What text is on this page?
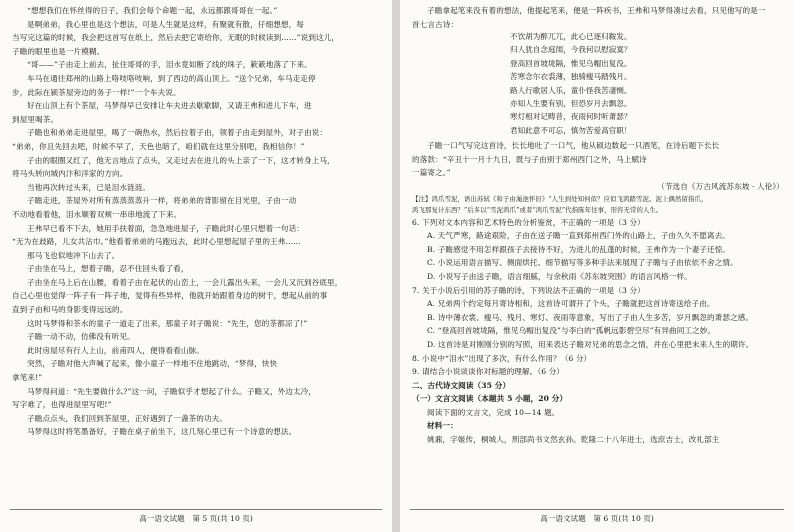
“想想我们在怀丝得的日子，我们会每个命题一起，永远都跟哥哥在一起。”

是啊弟弟，我心里也是这个想法，可是人生就是这样，有聚就有散，仔细想想，每

当写完这篇的时候，我会把这首写在纸上，然后去把它寄给你，无眠的时候读到……”说到这儿，

子瞻的眼里也是一片模糊。

“哥——”子由走上前去，扯住哥哥的手，泪水竟如断了线的珠子，簌簌地落了下来。

车马在通往郑州的山路上咯吱咯吱响，到了西边的高山顶上。“送个兄弟，车马走走停

步，此际在颍茶屋旁边的务子一样!”一个车夫说。

好在山顶上有个茶屋，马梦得早已安排让车夫进去歇歇脚，又请王弗和进儿下车，进

到屋里喝茶。

子瞻也和弟弟走进屋里，喝了一碗热水，然后拉着子由，领着子由走到屋外，对子由说：

“弟弟，你且先回去吧，时候不早了，天色也暗了，咱们就在这里分别吧，我相信你！”

子由的眼圈又红了，他无言地点了点头，又走过去在进儿的头上亲了一下，这才转身上马，

将马头转向城内汴和洋家的方向。

当他再次转过头来，已是泪水涟涟。

子瞻走进，茶屋外对所有蒸蒸蒸蒸升一样，将弟弟的背影留在目光里，子由一动

不动地看着他，泪水顺着双颊一串串地流了下来。

王弗早已看不下去，她用手扶着面，急急地进屋子，子瞻此时心里只想着一句话：

“无为在歧路，儿女共沾巾。”他看着弟弟的马跑远去，此时心里想起屋子里的王弗……

那马飞也似地冲下山去了。

子由坐在马上，想着子瞻，忍不住回头看了看，

子由坐在马上后在山腰，看着子由在起伏的山峦上，一会儿露出头来，一会儿又沉到谷底里，

自己心里也觉得一阵子有一阵子地，觉得有些异样，他就开始跟着身边的树干，想起从前的事

直到子由和马的身影变得远远的。

这时马梦得和茶水的童子一道走了出来，那童子对子瞻说：“先生，您的茶都凉了!”

子瞻一动不动，仿佛没有听见。

此时房屋尽有行人上山，前甫四人，便得看看山脉。

突然，子瞻对他大声喊了起来，像小童子一样地不住地跳动，“梦得，快快

拿笔来!”

马梦得问道：“先生要做什么?”这一问，子瞻似乎才想起了什么。子瞻又，外边太冷，

写字难了，也得进屋里写吧!”

子瞻点点头，我们回到茶屋里，正好遇到了一盏茶的功夫。

马梦得这时将笔墨备好，子瞻在桌子前坐下，这几刻心里已有一个诗意的想法。

高一语文试题　第 5 页(共 10 页)

子瞻拿起笔来没有着的想法，他提起笔来，便是一阵疾书，王弗和马梦得凑过去看，只见他写的是一

首七言古诗：

子瞻一口气写完这首诗，长长地吐了一口气，他从硕边数起一只酒笔，在诗后题下长长

的落款：“辛丑十一月十九日，既与子由别于郑州西门之外，马上赋诗

一篇寄之。”

（节选自《万古风流苏东坡 · 人伦》）

【注】鸿爪雪泥，语出苏轼《和子由渑池怀旧》“人生到处知何似？应似飞鸿踏雪泥。泥上偶然留指爪，

鸿飞那复计东西？”后多以“雪泥鸿爪”或者“鸿爪雪泥”代指陈年往事，形容无常的人生。

6. 下列对文本内容和艺术特色的分析鉴赏，不正确的一项是（3 分）

A. 天气严寒，路途艰险，子由在送子瞻一直到郑州西门外的山路上，子由久久不愿离去。

B. 子瞻感觉不用怎样跟孩子去接待不好，为进儿的乱蓬的时候，王弗作为一个妻子还惊。

C. 小说运用语言描写、侧面烘托、细节描写等多种手法来展现了子瞻与子由依依不舍之情。

D. 小说写子由送子瞻，语言细腻，与余秋雨《苏东坡突围》的语言风格一样。

7. 关于小说后引用的苏子瞻的诗，下列说法不正确的一项是（3 分）

A. 兄弟两个约定每月寄诗相和，这首诗可谓开了个头，子瞻就把这首诗寄送给子由。

B. 诗中薄衣裳、瘦马、残月、寒灯、夜雨等意象，写出了子由人生多苦，岁月飘忽的萧瑟之感。

C. “登高回首坡垅隔，惟见乌帽出复没”与李白的“孤帆远影碧空尽”有异曲同工之妙。

D. 这首诗是对刚刚分别的写照，用来表达子瞻对兄弟的思念之情，并在心里把未来人生的期许。

8. 小说中“泪水”出现了多次，有什么作用？（6 分）

9. 请结合小说谈谈你对标题的理解。（6 分）

二、古代诗文阅读（35 分）

（一）文言文阅读（本题共 5 小题，20 分）

阅读下面的文言文，完成 10—14 题。

材料一：

姚鼐，字姬传，桐城人，刑部尚书文然玄孙。乾隆二十八年进士，选庶吉士，改礼部主

不饮胡为醉兀兀，此心已逐归鞍发。
归人犹自念庭闱，今我何以慰寂寞？
登高回首坡垅隔，惟见乌帽出复没。
苦寒念尔衣裘薄，独骑瘦马踏残月。
路人行歌居人乐，童仆怪我苦凄恻。
亦知人生要有别，但恐岁月去飘忽。
寒灯相对记畴昔，夜雨何时听萧瑟？
君知此意不可忘，慎勿苦爱高官职！
高一语文试题　第 6 页(共 10 页)
